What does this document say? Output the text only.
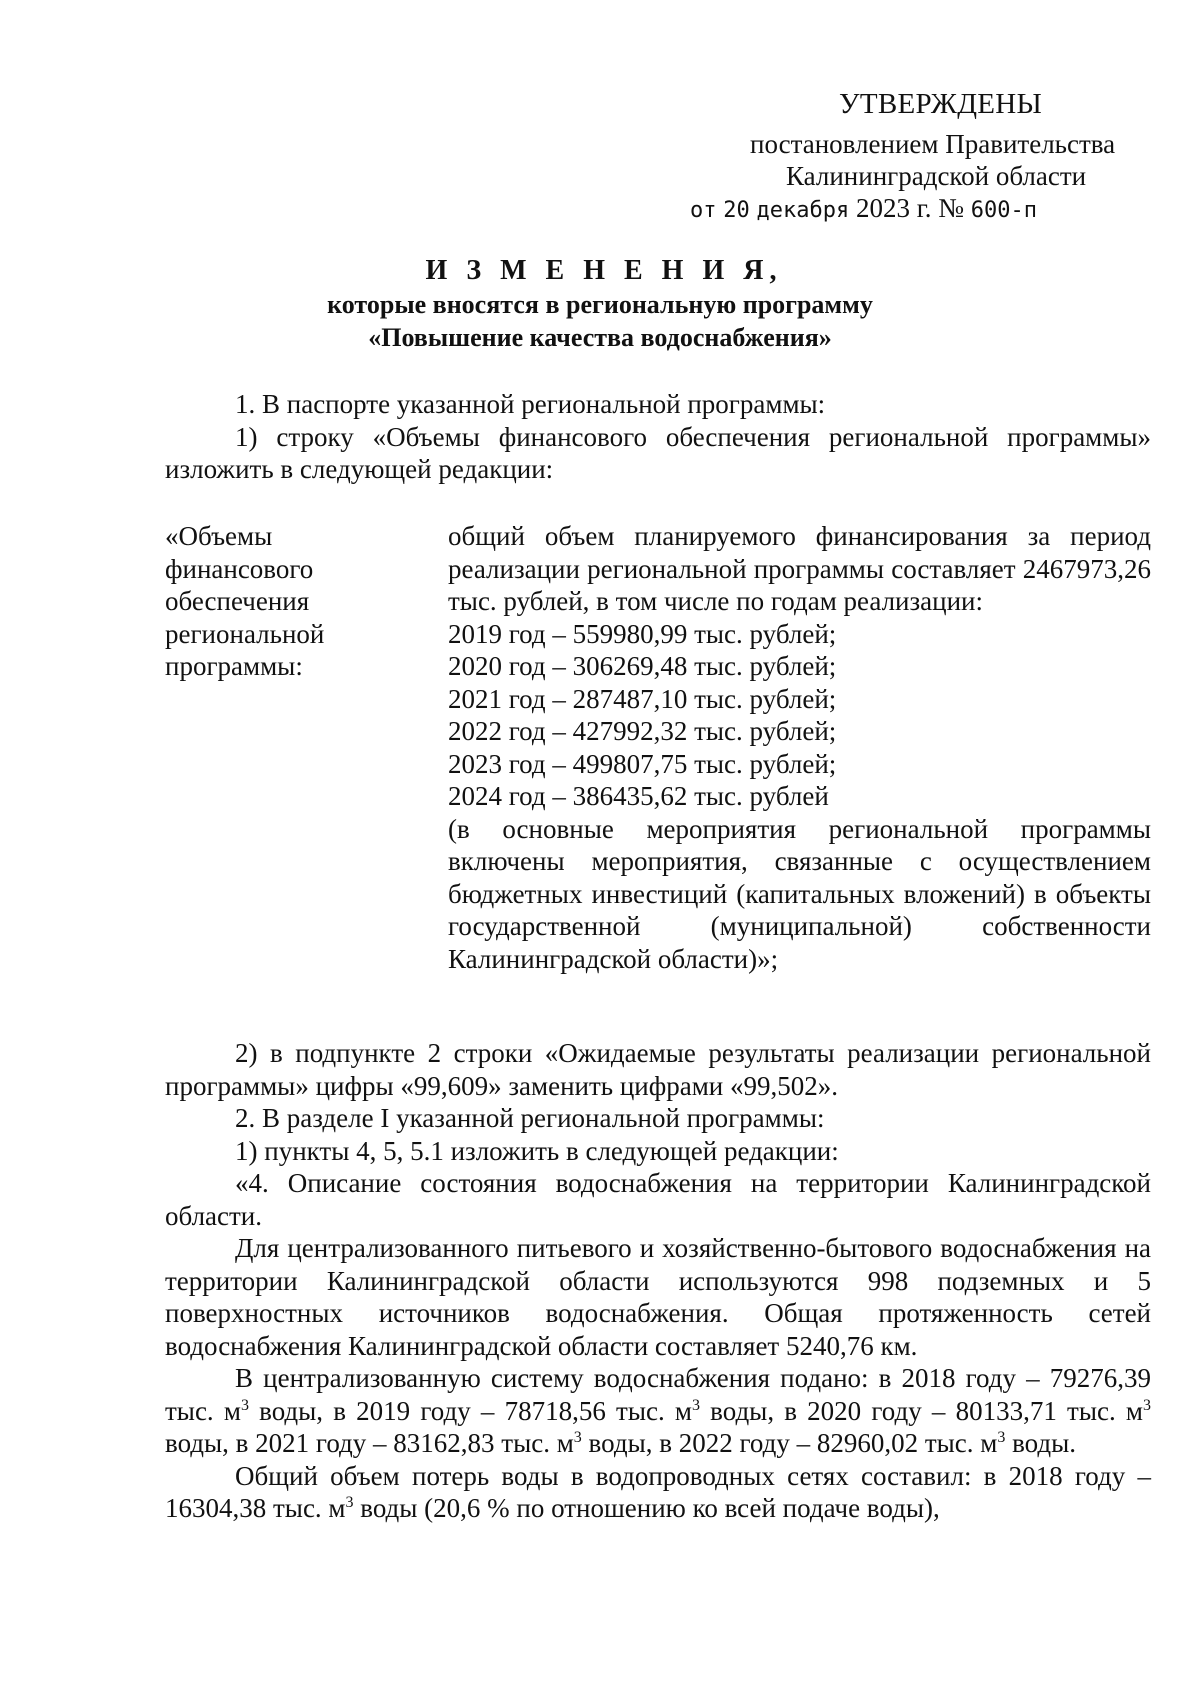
УТВЕРЖДЕНЫ
постановлением Правительства
Калининградской области
от 20 декабря 2023 г. № 600-п
И З М Е Н Е Н И Я,
которые вносятся в региональную программу
«Повышение качества водоснабжения»

1. В паспорте указанной региональной программы:

1) строку «Объемы финансового обеспечения региональной программы» изложить в следующей редакции:

«Объемы
финансового
обеспечения
региональной
программы:

общий объем планируемого финансирования за период реализации региональной программы составляет 2467973,26 тыс. рублей, в том числе по годам реализации:

2019 год – 559980,99 тыс. рублей;
2020 год – 306269,48 тыс. рублей;
2021 год – 287487,10 тыс. рублей;
2022 год – 427992,32 тыс. рублей;
2023 год – 499807,75 тыс. рублей;
2024 год – 386435,62 тыс. рублей

(в основные мероприятия региональной программы включены мероприятия, связанные с осуществлением бюджетных инвестиций (капитальных вложений) в объекты государственной (муниципальной) собственности Калининградской области)»;

2) в подпункте 2 строки «Ожидаемые результаты реализации региональной программы» цифры «99,609» заменить цифрами «99,502».

2. В разделе I указанной региональной программы:

1) пункты 4, 5, 5.1 изложить в следующей редакции:

«4. Описание состояния водоснабжения на территории Калининградской области.

Для централизованного питьевого и хозяйственно-бытового водоснабжения на территории Калининградской области используются 998 подземных и 5 поверхностных источников водоснабжения. Общая протяженность сетей водоснабжения Калининградской области составляет 5240,76 км.

В централизованную систему водоснабжения подано: в 2018 году – 79276,39 тыс. $м^3$ воды, в 2019 году – 78718,56 тыс. $м^3$ воды, в 2020 году – 80133,71 тыс. $м^3$ воды, в 2021 году – 83162,83 тыс. $м^3$ воды, в 2022 году – 82960,02 тыс. $м^3$ воды.

Общий объем потерь воды в водопроводных сетях составил: в 2018 году – 16304,38 тыс. $м^3$ воды (20,6 % по отношению ко всей подаче воды),
